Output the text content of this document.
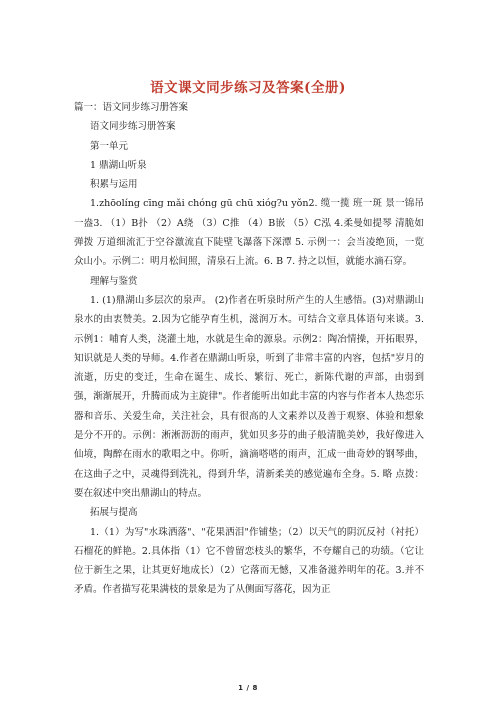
语文课文同步练习及答案(全册)

篇一：语文同步练习册答案

语文同步练习册答案

第一单元

1 鼎湖山听泉

积累与运用

1.zhōolíng cīng mǎi chóng gū chū xióg?u yǒn2. 缆一揽 班一斑 景一锦吊一盎3. （1）B扑 （2）A绕 （3）C推 （4）B嵌 （5）C泓 4.柔曼如提琴 清脆如弹拨 万道细流汇于空谷激流直下陡壁飞瀑落下深潭 5. 示例一：会当凌绝顶，一览众山小。示例二：明月松间照，清泉石上流。6. B 7. 持之以恒，就能水滴石穿。

理解与鉴赏

1. (1)鼎湖山多层次的泉声。 (2)作者在听泉时所产生的人生感悟。(3)对鼎湖山泉水的由衷赞美。2.因为它能孕育生机，滋润万木。可结合文章具体语句来谈。3.示例1：哺育人类，浇灌土地，水就是生命的源泉。示例2：陶冶情操，开拓眼界，知识就是人类的导师。4.作者在鼎湖山听泉，听到了非常丰富的内容，包括"岁月的流逝，历史的变迁，生命在诞生、成长、繁衍、死亡，新陈代谢的声部，由弱到强，渐渐展开，升腾而成为主旋律"。作者能听出如此丰富的内容与作者本人热恋乐器和音乐、关爱生命，关注社会，具有很高的人文素养以及善于观察、体验和想象是分不开的。示例：淅淅沥沥的雨声，犹如贝多芬的曲子般清脆美妙，我好像进入仙境，陶醉在雨水的歌唱之中。你听，滴滴嗒嗒的雨声，汇成一曲奇妙的钢琴曲，在这曲子之中，灵魂得到洗礼，得到升华，清新柔美的感觉遍布全身。5. 略 点拨：要在叙述中突出鼎湖山的特点。

拓展与提高

1.（1）为写"水珠洒落"、"花果洒泪"作铺垫；（2）以天气的阴沉反衬（衬托）石榴花的鲜艳。2.具体指（1）它不曾留恋枝头的繁华，不夸耀自己的功绩。（它让位于新生之果，让其更好地成长）（2）它落而无憾，又准备滋养明年的花。3.并不矛盾。作者描写花果满枝的景象是为了从侧面写落花，因为正

1 / 8
